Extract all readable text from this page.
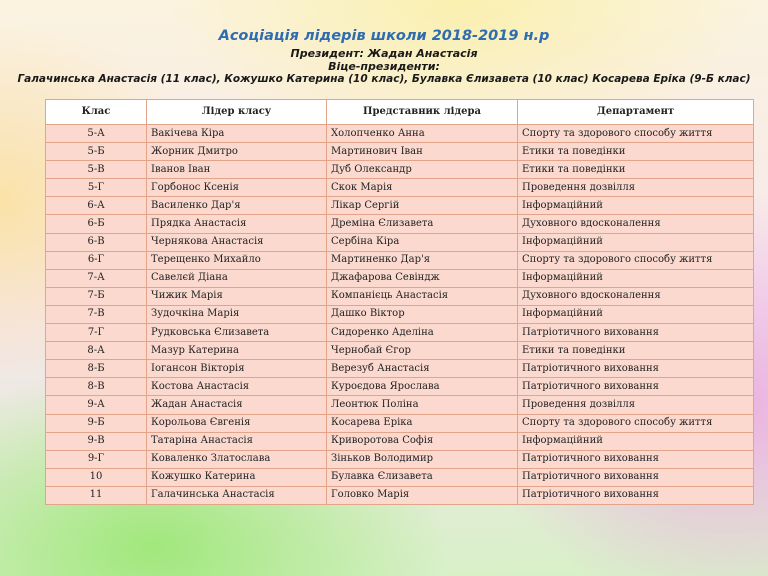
Асоціація лідерів школи 2018-2019 н.р
Президент: Жадан Анастасія
Віце-президенти:
Галачинська Анастасія (11 клас), Кожушко Катерина (10 клас), Булавка Єлизавета (10 клас) Косарева Еріка (9-Б клас)
Клас	Лідер класу	Представник лідера	Департамент
5-А	Вакічева Кіра	Холопченко Анна	Спорту та здорового способу життя
5-Б	Жорник Дмитро	Мартинович Іван	Етики та поведінки
5-В	Іванов Іван	Дуб Олександр	Етики та поведінки
5-Г	Горбонос Ксенія	Скок Марія	Проведення дозвілля
6-А	Василенко Дар'я	Лікар Сергій	Інформаційний
6-Б	Прядка Анастасія	Дреміна Єлизавета	Духовного вдосконалення
6-В	Чернякова Анастасія	Сербіна Кіра	Інформаційний
6-Г	Терещенко Михайло	Мартиненко Дар'я	Спорту та здорового способу життя
7-А	Савелєй Діана	Джафарова Севіндж	Інформаційний
7-Б	Чижик Марія	Компанієць Анастасія	Духовного вдосконалення
7-В	Зудочкіна Марія	Дашко Віктор	Інформаційний
7-Г	Рудковська Єлизавета	Сидоренко Аделіна	Патріотичного виховання
8-А	Мазур Катерина	Чернобай Єгор	Етики та поведінки
8-Б	Іогансон Вікторія	Верезуб Анастасія	Патріотичного виховання
8-В	Костова Анастасія	Куроєдова Ярослава	Патріотичного виховання
9-А	Жадан Анастасія	Леонтюк Поліна	Проведення дозвілля
9-Б	Корольова Євгенія	Косарева Еріка	Спорту та здорового способу життя
9-В	Татаріна Анастасія	Криворотова Софія	Інформаційний
9-Г	Коваленко Златослава	Зіньков Володимир	Патріотичного виховання
10	Кожушко Катерина	Булавка Єлизавета	Патріотичного виховання
11	Галачинська Анастасія	Головко Марія	Патріотичного виховання
